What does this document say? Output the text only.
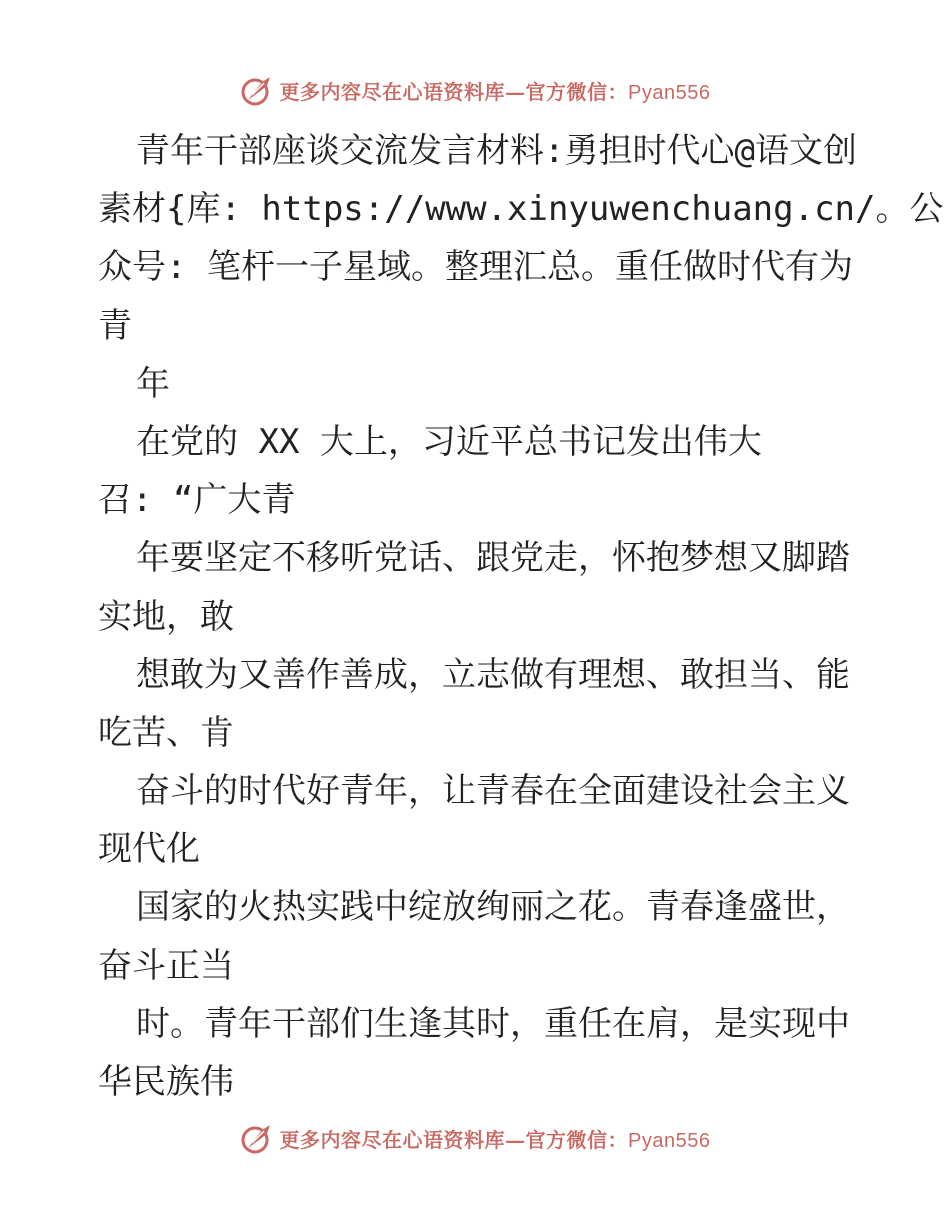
更多内容尽在心语资料库—官方微信：Pyan556
青年干部座谈交流发言材料:勇担时代心@语文创
素材{库: https://www.xinyuwenchuang.cn/。公
众号: 笔杆一子星域。整理汇总。重任做时代有为
青
年
在党的 XX 大上，习近平总书记发出伟大
召: “广大青
年要坚定不移听党话、跟党走，怀抱梦想又脚踏
实地，敢
想敢为又善作善成，立志做有理想、敢担当、能
吃苦、肯
奋斗的时代好青年，让青春在全面建设社会主义
现代化
国家的火热实践中绽放绚丽之花。青春逢盛世，
奋斗正当
时。青年干部们生逢其时，重任在肩，是实现中
华民族伟
更多内容尽在心语资料库—官方微信：Pyan556
